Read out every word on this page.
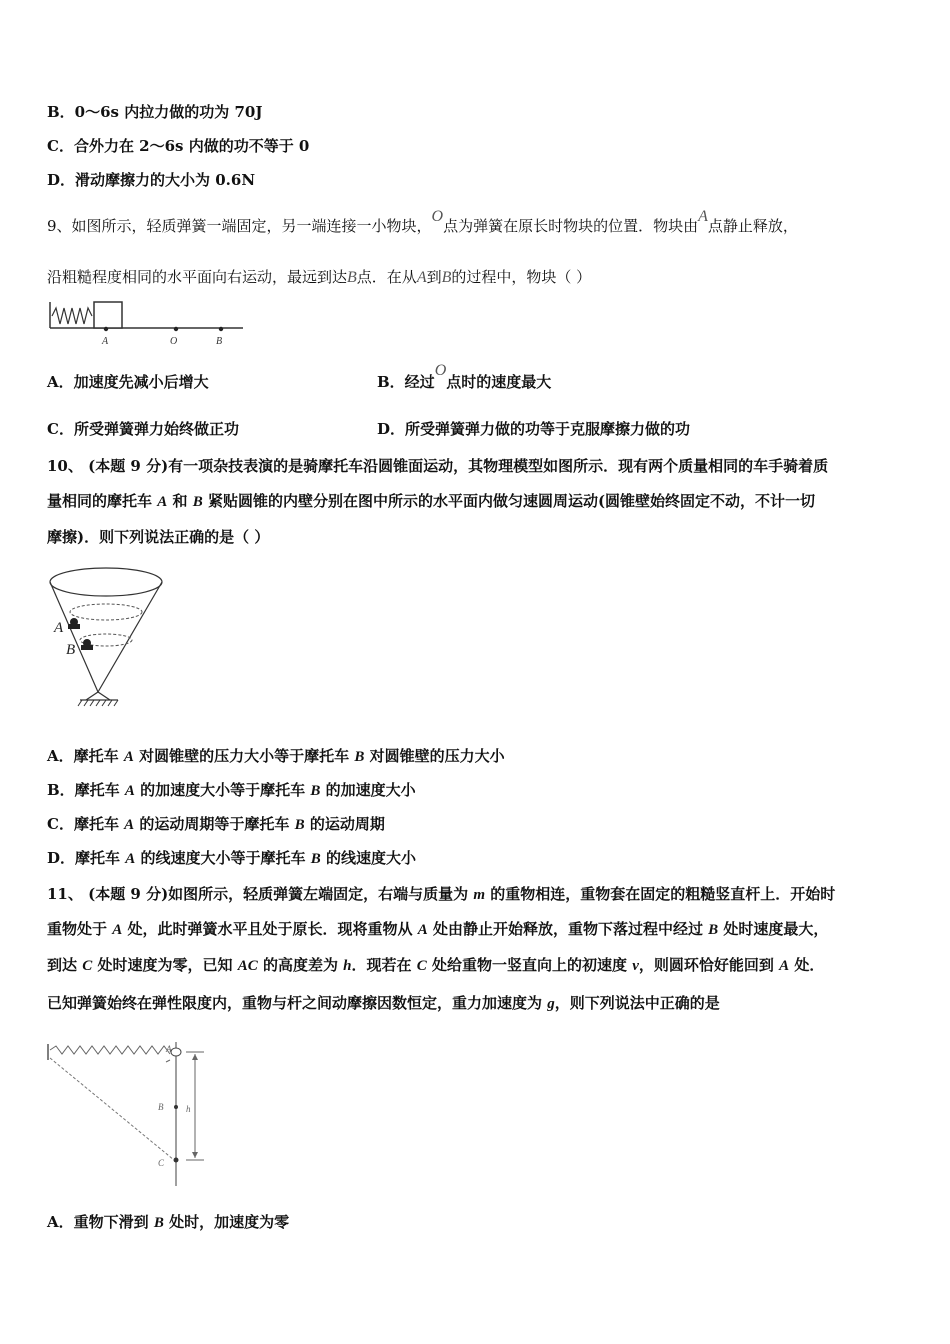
B．0～6s 内拉力做的功为 70J
C．合外力在 2～6s 内做的功不等于 0
D．滑动摩擦力的大小为 0.6N
9、如图所示，轻质弹簧一端固定，另一端连接一小物块，O点为弹簧在原长时物块的位置．物块由A点静止释放，
沿粗糙程度相同的水平面向右运动，最远到达B点．在从A到B的过程中，物块（ ）
A	O	B
A．加速度先减小后增大	B．经过O点时的速度最大
C．所受弹簧弹力始终做正功	D．所受弹簧弹力做的功等于克服摩擦力做的功
10、 (本题 9 分)有一项杂技表演的是骑摩托车沿圆锥面运动，其物理模型如图所示．现有两个质量相同的车手骑着质
量相同的摩托车 A 和 B 紧贴圆锥的内壁分别在图中所示的水平面内做匀速圆周运动(圆锥壁始终固定不动，不计一切
摩擦)．则下列说法正确的是（ ）
A
B
A．摩托车 A 对圆锥壁的压力大小等于摩托车 B 对圆锥壁的压力大小
B．摩托车 A 的加速度大小等于摩托车 B 的加速度大小
C．摩托车 A 的运动周期等于摩托车 B 的运动周期
D．摩托车 A 的线速度大小等于摩托车 B 的线速度大小
11、 (本题 9 分)如图所示，轻质弹簧左端固定，右端与质量为 m 的重物相连，重物套在固定的粗糙竖直杆上．开始时
重物处于 A 处，此时弹簧水平且处于原长．现将重物从 A 处由静止开始释放，重物下落过程中经过 B 处时速度最大，
到达 C 处时速度为零，已知 AC 的高度差为 h．现若在 C 处给重物一竖直向上的初速度 v，则圆环恰好能回到 A 处．
已知弹簧始终在弹性限度内，重物与杆之间动摩擦因数恒定，重力加速度为 g，则下列说法中正确的是
A
B
C
h
A．重物下滑到 B 处时，加速度为零
